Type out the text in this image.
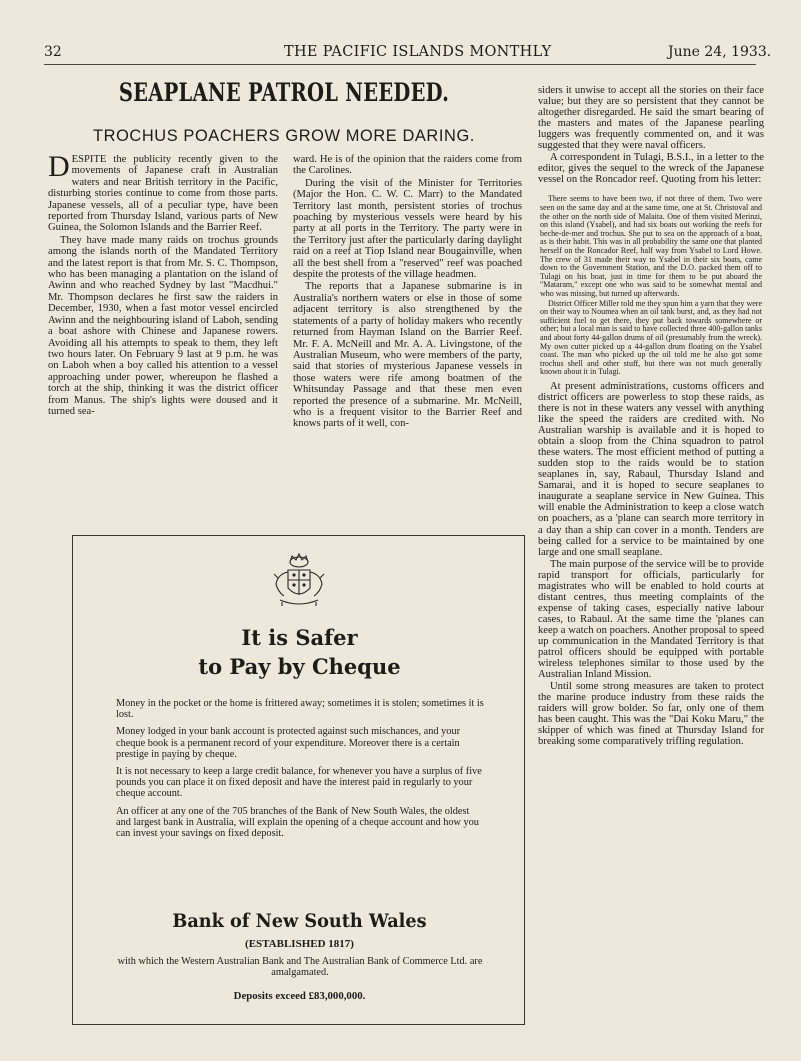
32	THE PACIFIC ISLANDS MONTHLY	June 24, 1933.
SEAPLANE PATROL NEEDED.
TROCHUS POACHERS GROW MORE DARING.

DESPITE the publicity recently given to the movements of Japanese craft in Australian waters and near British territory in the Pacific, disturbing stories continue to come from those parts. Japanese vessels, all of a peculiar type, have been reported from Thursday Island, various parts of New Guinea, the Solomon Islands and the Barrier Reef.

They have made many raids on trochus grounds among the islands north of the Mandated Territory and the latest report is that from Mr. S. C. Thompson, who has been managing a plantation on the island of Awinn and who reached Sydney by last "Macdhui." Mr. Thompson declares he first saw the raiders in December, 1930, when a fast motor vessel encircled Awinn and the neighbouring island of Laboh, sending a boat ashore with Chinese and Japanese rowers. Avoiding all his attempts to speak to them, they left two hours later. On February 9 last at 9 p.m. he was on Laboh when a boy called his attention to a vessel approaching under power, whereupon he flashed a torch at the ship, thinking it was the district officer from Manus. The ship's lights were doused and it turned sea-

ward. He is of the opinion that the raiders come from the Carolines.

During the visit of the Minister for Territories (Major the Hon. C. W. C. Marr) to the Mandated Territory last month, persistent stories of trochus poaching by mysterious vessels were heard by his party at all ports in the Territory. The party were in the Territory just after the particularly daring daylight raid on a reef at Tiop Island near Bougainville, when all the best shell from a "reserved" reef was poached despite the protests of the village headmen.

The reports that a Japanese submarine is in Australia's northern waters or else in those of some adjacent territory is also strengthened by the statements of a party of holiday makers who recently returned from Hayman Island on the Barrier Reef. Mr. F. A. McNeill and Mr. A. A. Livingstone, of the Australian Museum, who were members of the party, said that stories of mysterious Japanese vessels in those waters were rife among boatmen of the Whitsunday Passage and that these men even reported the presence of a submarine. Mr. McNeill, who is a frequent visitor to the Barrier Reef and knows parts of it well, con-

siders it unwise to accept all the stories on their face value; but they are so persistent that they cannot be altogether disregarded. He said the smart bearing of the masters and mates of the Japanese pearling luggers was frequently commented on, and it was suggested that they were naval officers.

A correspondent in Tulagi, B.S.I., in a letter to the editor, gives the sequel to the wreck of the Japanese vessel on the Roncador reef. Quoting from his letter:

There seems to have been two, if not three of them. Two were seen on the same day and at the same time, one at St. Christoval and the other on the north side of Malaita. One of them visited Merinzi, on this island (Ysabel), and had six boats out working the reefs for beche-de-mer and trochus. She put to sea on the approach of a boat, as is their habit. This was in all probability the same one that planted herself on the Roncador Reef, half way from Ysabel to Lord Howe. The crew of 31 made their way to Ysabel in their six boats, came down to the Government Station, and the D.O. packed them off to Tulagi on his boat, just in time for them to be put aboard the "Mataram," except one who was said to be somewhat mental and who was missing, but turned up afterwards.

District Officer Miller told me they spun him a yarn that they were on their way to Noumea when an oil tank burst, and, as they had not sufficient fuel to get there, they put back towards somewhere or other; but a local man is said to have collected three 400-gallon tanks and about forty 44-gallon drums of oil (presumably from the wreck). My own cutter picked up a 44-gallon drum floating on the Ysabel coast. The man who picked up the oil told me he also got some trochus shell and other stuff, but there was not much generally known about it in Tulagi.

At present administrations, customs officers and district officers are powerless to stop these raids, as there is not in these waters any vessel with anything like the speed the raiders are credited with. No Australian warship is available and it is hoped to obtain a sloop from the China squadron to patrol these waters. The most efficient method of putting a sudden stop to the raids would be to station seaplanes in, say, Rabaul, Thursday Island and Samarai, and it is hoped to secure seaplanes to inaugurate a seaplane service in New Guinea. This will enable the Administration to keep a close watch on poachers, as a 'plane can search more territory in a day than a ship can cover in a month. Tenders are being called for a service to be maintained by one large and one small seaplane.

The main purpose of the service will be to provide rapid transport for officials, particularly for magistrates who will be enabled to hold courts at distant centres, thus meeting complaints of the expense of taking cases, especially native labour cases, to Rabaul. At the same time the 'planes can keep a watch on poachers. Another proposal to speed up communication in the Mandated Territory is that patrol officers should be equipped with portable wireless telephones similar to those used by the Australian Inland Mission.

Until some strong measures are taken to protect the marine produce industry from these raids the raiders will grow bolder. So far, only one of them has been caught. This was the "Dai Koku Maru," the skipper of which was fined at Thursday Island for breaking some comparatively trifling regulation.

It is Safer
to Pay by Cheque

Money in the pocket or the home is frittered away; sometimes it is stolen; sometimes it is lost.

Money lodged in your bank account is protected against such mischances, and your cheque book is a permanent record of your expenditure. Moreover there is a certain prestige in paying by cheque.

It is not necessary to keep a large credit balance, for whenever you have a surplus of five pounds you can place it on fixed deposit and have the interest paid in regularly to your cheque account.

An officer at any one of the 705 branches of the Bank of New South Wales, the oldest and largest bank in Australia, will explain the opening of a cheque account and how you can invest your savings on fixed deposit.

Bank of New South Wales
(ESTABLISHED 1817)
with which the Western Australian Bank and The Australian Bank of Commerce Ltd. are amalgamated.
Deposits exceed £83,000,000.
